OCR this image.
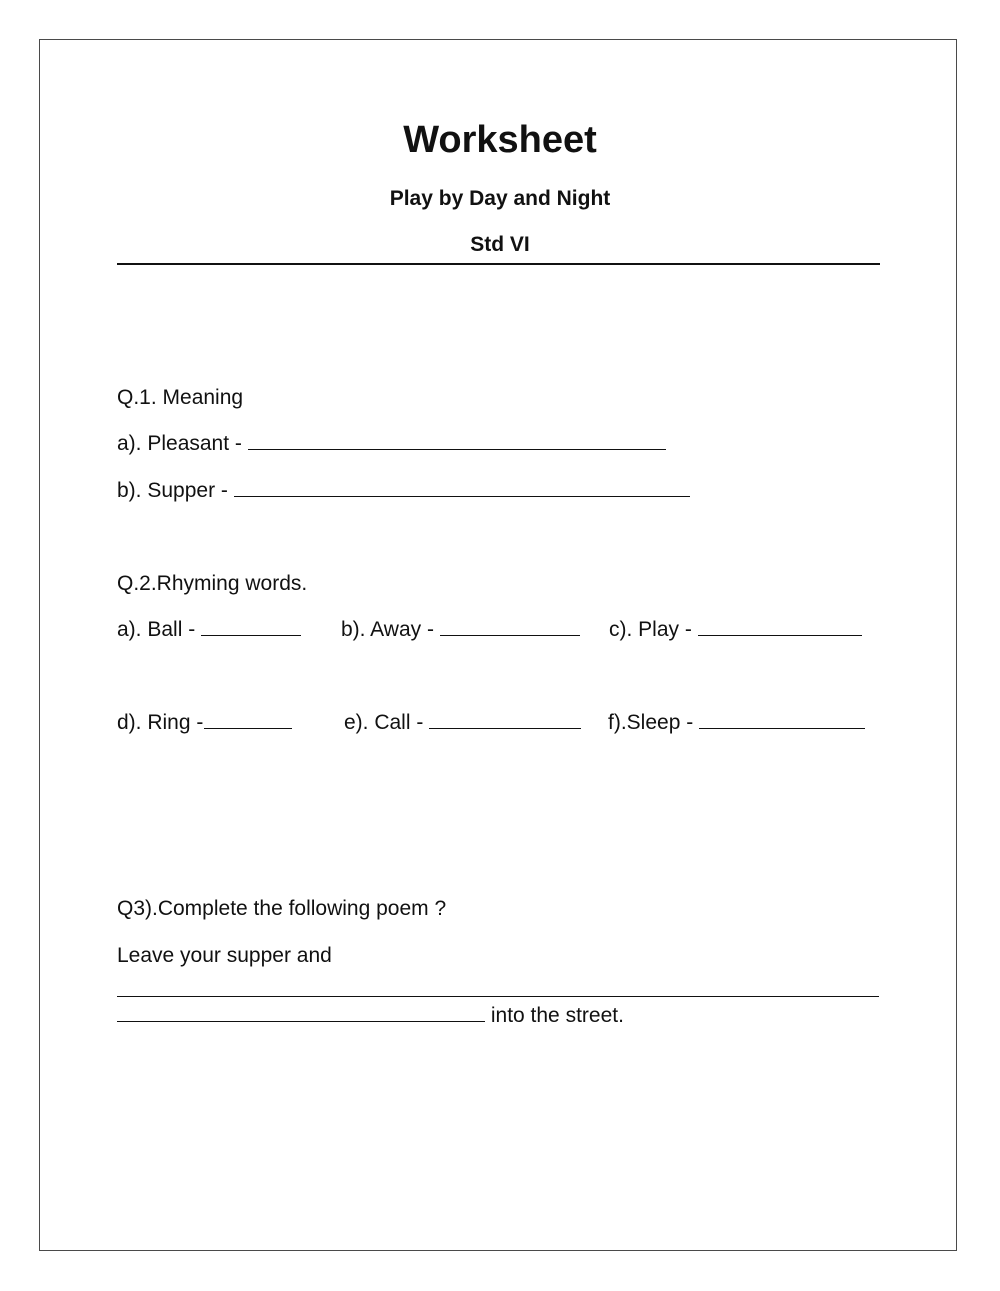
Worksheet
Play by Day and Night
Std VI
Q.1. Meaning
a). Pleasant -
b). Supper -
Q.2.Rhyming words.
a). Ball -	b). Away -	c). Play -
d). Ring -	e). Call -	f).Sleep -
Q3).Complete the following poem ?
Leave your supper and
into the street.
